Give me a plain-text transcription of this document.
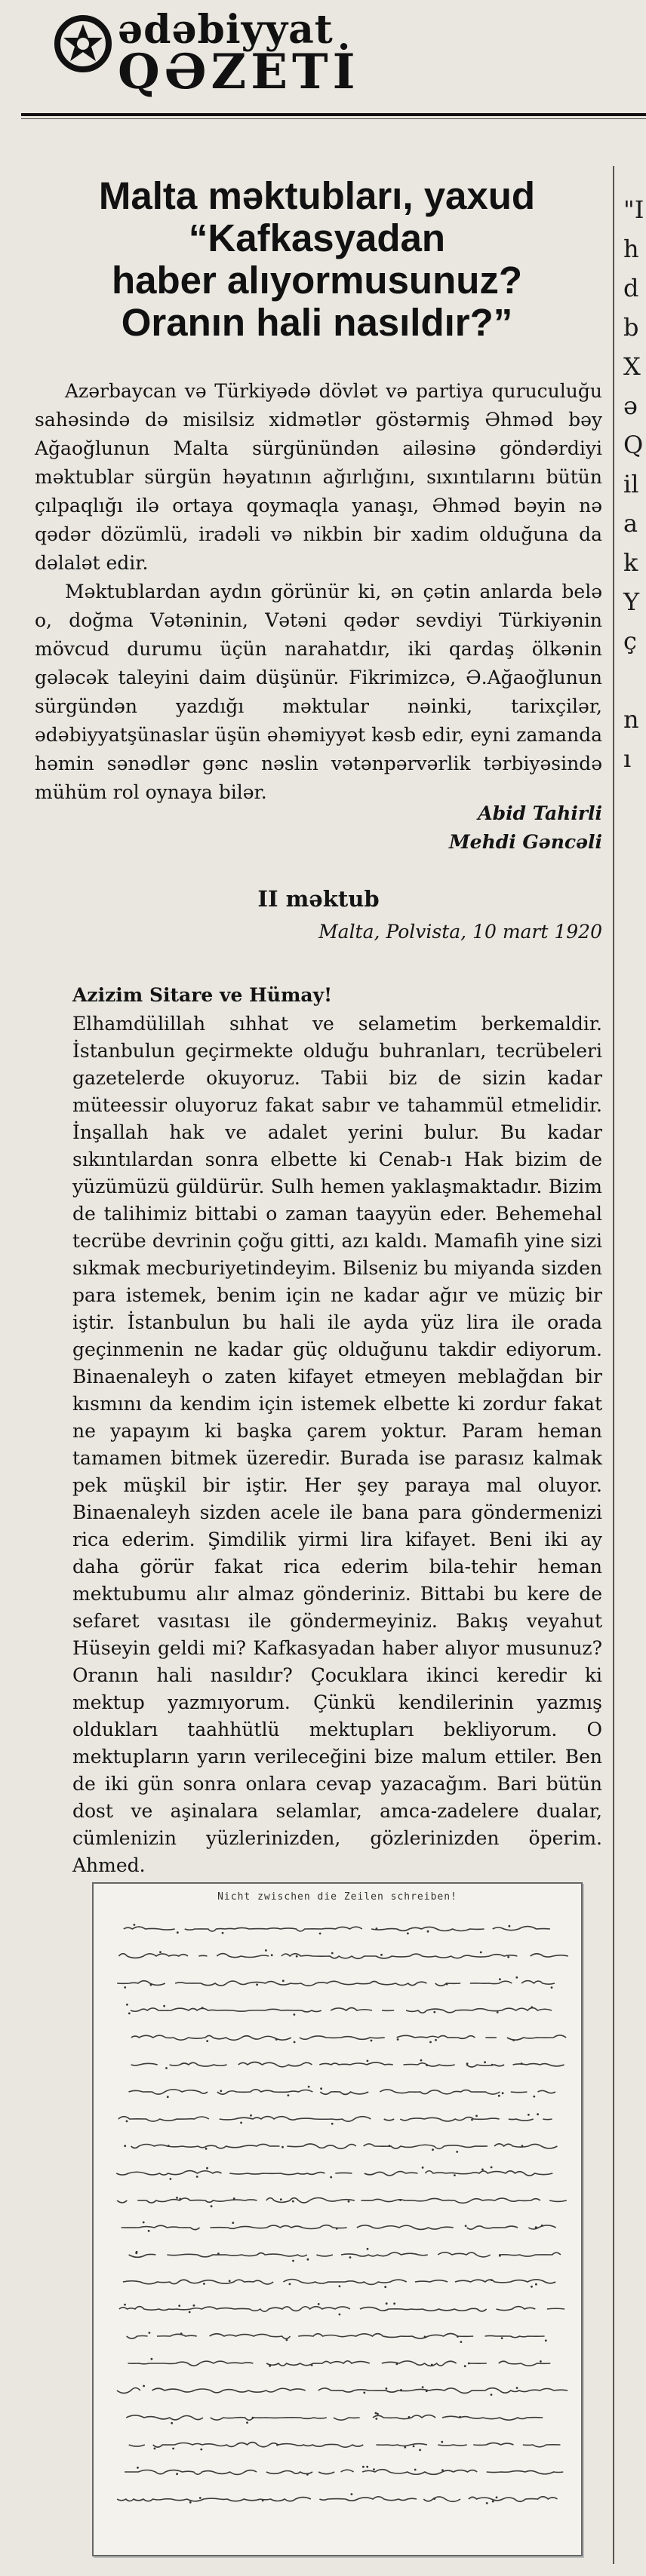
ədəbiyyat
QƏZETİ
"I
h
d
b
X
ə
Q
il
a
k
Y
ç

n
ı
Malta məktubları, yaxud
“Kafkasyadan
haber alıyormusunuz?
Oranın hali nasıldır?”

Azərbaycan və Türkiyədə dövlət və partiya quruculuğu sahəsində də misilsiz xidmətlər göstərmiş Əhməd bəy Ağaoğlunun Malta sürgünündən ailəsinə göndərdiyi məktublar sürgün həyatının ağırlığını, sıxıntılarını bütün çılpaqlığı ilə ortaya qoymaqla yanaşı, Əhməd bəyin nə qədər dözümlü, iradəli və nikbin bir xadim olduğuna da dəlalət edir.

Məktublardan aydın görünür ki, ən çətin anlarda belə o, doğma Vətəninin, Vətəni qədər sevdiyi Türkiyənin mövcud durumu üçün narahatdır, iki qardaş ölkənin gələcək taleyini daim düşünür. Fikrimizcə, Ə.Ağaoğlunun sürgündən yazdığı məktular nəinki, tarixçilər, ədəbiyyatşünaslar üşün əhəmiyyət kəsb edir, eyni zamanda həmin sənədlər gənc nəslin vətənpərvərlik tərbiyəsində mühüm rol oynaya bilər.

Abid Tahirli
Mehdi Gəncəli
II məktub
Malta, Polvista, 10 mart 1920
Azizim Sitare ve Hümay!

Elhamdülillah sıhhat ve selametim berkemaldir. İstanbulun geçirmekte olduğu buhranları, tecrübeleri gazetelerde okuyoruz. Tabii biz de sizin kadar müteessir oluyoruz fakat sabır ve tahammül etmelidir. İnşallah hak ve adalet yerini bulur. Bu kadar sıkıntılardan sonra elbette ki Cenab-ı Hak bizim de yüzümüzü güldürür. Sulh hemen yaklaşmaktadır. Bizim de talihimiz bittabi o zaman taayyün eder. Behemehal tecrübe devrinin çoğu gitti, azı kaldı. Mamafih yine sizi sıkmak mecburiyetindeyim. Bilseniz bu miyanda sizden para istemek, benim için ne kadar ağır ve müziç bir iştir. İstanbulun bu hali ile ayda yüz lira ile orada geçinmenin ne kadar güç olduğunu takdir ediyorum. Binaenaleyh o zaten kifayet etmeyen meblağdan bir kısmını da kendim için istemek elbette ki zordur fakat ne yapayım ki başka çarem yoktur. Param heman tamamen bitmek üzeredir. Burada ise parasız kalmak pek müşkil bir iştir. Her şey paraya mal oluyor. Binaenaleyh sizden acele ile bana para göndermenizi rica ederim. Şimdilik yirmi lira kifayet. Beni iki ay daha görür fakat rica ederim bila-tehir heman mektubumu alır almaz gönderiniz. Bittabi bu kere de sefaret vasıtası ile göndermeyiniz. Bakış veyahut Hüseyin geldi mi? Kafkasyadan haber alıyor musunuz? Oranın hali nasıldır? Çocuklara ikinci keredir ki mektup yazmıyorum. Çünkü kendilerinin yazmış oldukları taahhütlü mektupları bekliyorum. O mektupların yarın verileceğini bize malum ettiler. Ben de iki gün sonra onlara cevap yazacağım. Bari bütün dost ve aşinalara selamlar, amca-zadelere dualar, cümlenizin yüzlerinizden, gözlerinizden öperim. Ahmed.

Nicht zwischen die Zeilen schreiben!
